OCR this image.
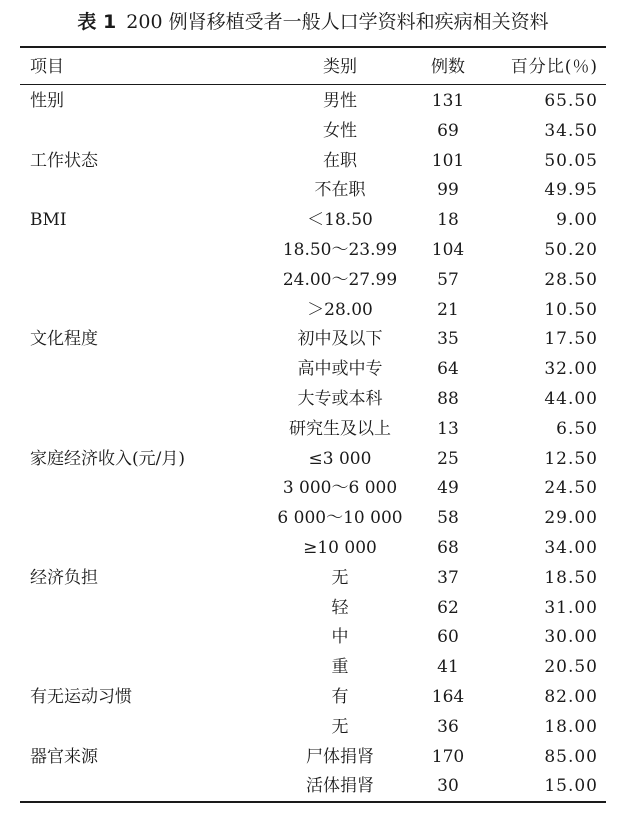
表 1 200 例肾移植受者一般人口学资料和疾病相关资料
项目	类别	例数	百分比(％)
性别	男性	131	65.50
	女性	69	34.50
工作状态	在职	101	50.05
	不在职	99	49.95
BMI	＜18.50	18	9.00
	18.50～23.99	104	50.20
	24.00～27.99	57	28.50
	＞28.00	21	10.50
文化程度	初中及以下	35	17.50
	高中或中专	64	32.00
	大专或本科	88	44.00
	研究生及以上	13	6.50
家庭经济收入(元/月)	≤3 000	25	12.50
	3 000～6 000	49	24.50
	6 000～10 000	58	29.00
	≥10 000	68	34.00
经济负担	无	37	18.50
	轻	62	31.00
	中	60	30.00
	重	41	20.50
有无运动习惯	有	164	82.00
	无	36	18.00
器官来源	尸体捐肾	170	85.00
	活体捐肾	30	15.00
